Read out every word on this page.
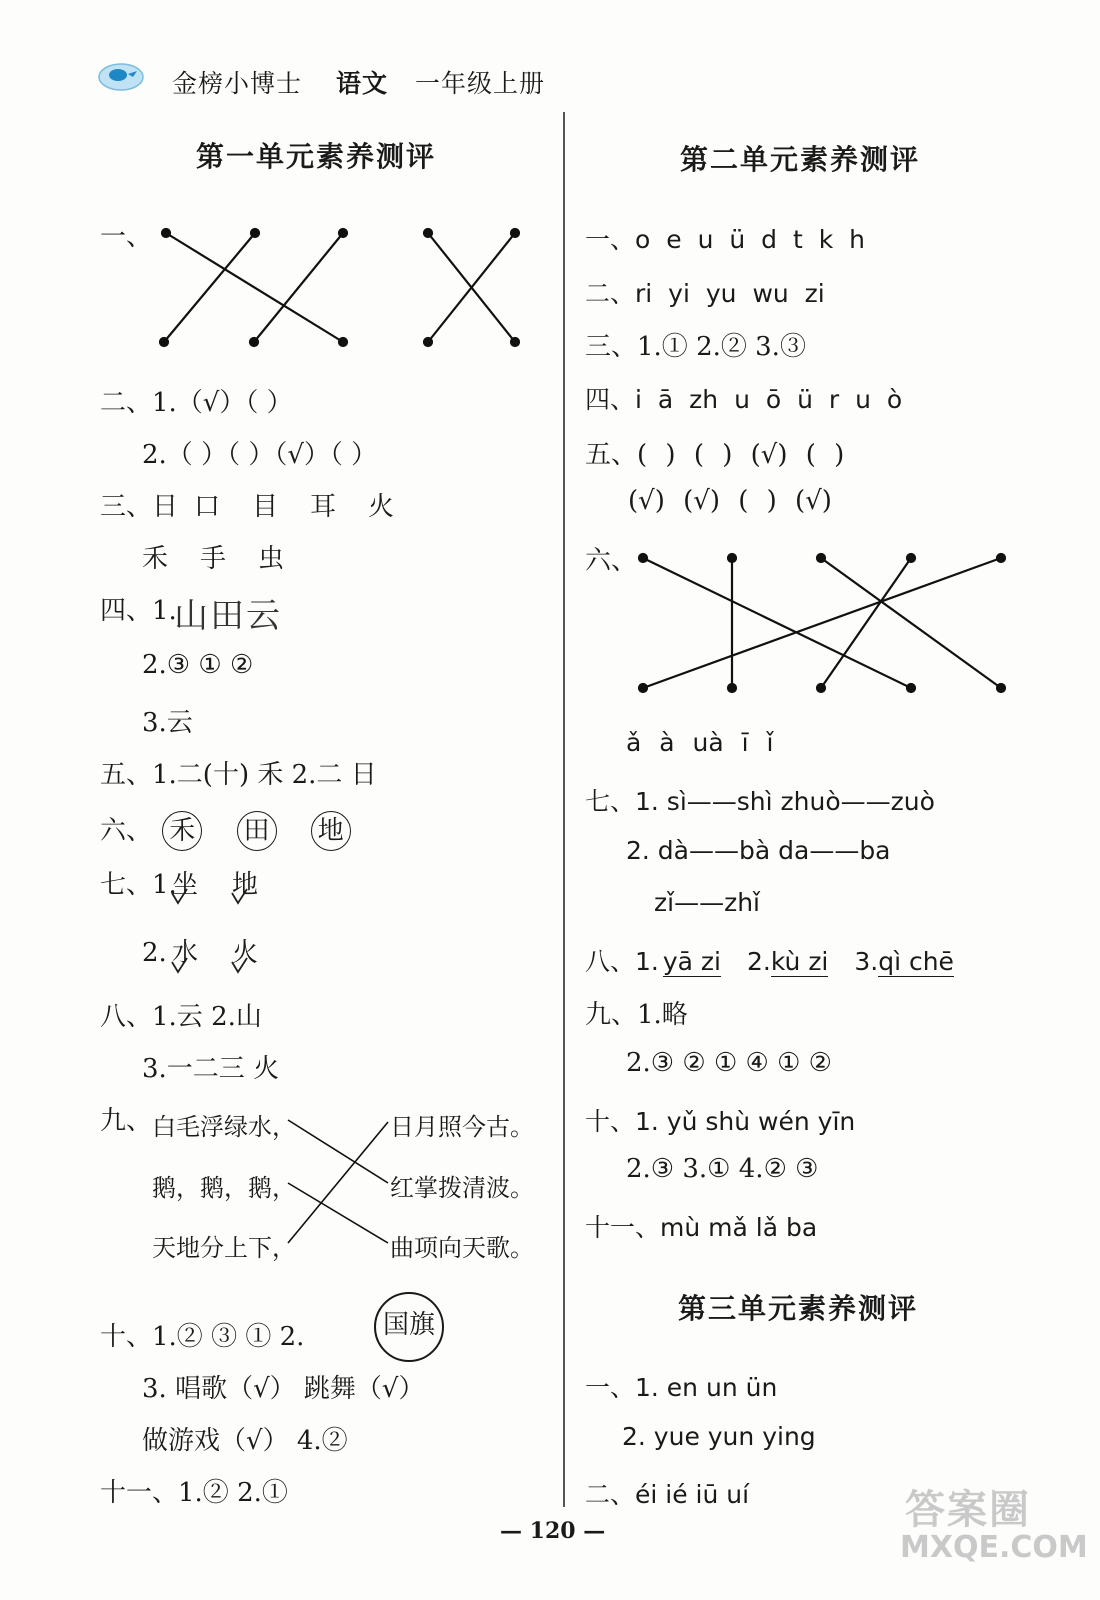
金榜小博士 语文 一年级上册
第一单元素养测评
一、
二、1.（√）（ ）
2.（ ）（ ）（√）（ ）
三、日 口 目 耳 火
禾 手 虫
四、1.
山田云
2.③ ① ②
3.云
五、1.二(十) 禾 2.二 日
六、 禾 田 地
七、1.坐 地
2. 水 火
八、1.云 2.山
3.一二三 火
九、 白毛浮绿水，
鹅，鹅，鹅，
天地分上下，
日月照今古。
红掌拨清波。
曲项向天歌。
十、1.② ③ ① 2.	国旗
3. 唱歌（√） 跳舞（√）
做游戏（√） 4.②
十一、1.② 2.①
第二单元素养测评
一、o e u ü d t k h
二、ri yi yu wu zi
三、1.① 2.② 3.③
四、i ā zh u ō ü r u ò
五、( ) ( ) (√) ( )
(√) (√) ( ) (√)
六、
ǎ à uà ī ǐ
七、1. sì——shì zhuò——zuò
2. dà——bà da——ba
zǐ——zhǐ
八、1. yā zi 2.kù zi 3.qì chē
九、1.略
2.③ ② ① ④ ① ②
十、1. yǔ shù wén yīn
2.③ 3.① 4.② ③
十一、mù mǎ lǎ ba
第三单元素养测评
一、1. en un ün
2. yue yun ying
二、éi ié iū uí
— 120 —	答案圈
MXQE.COM
